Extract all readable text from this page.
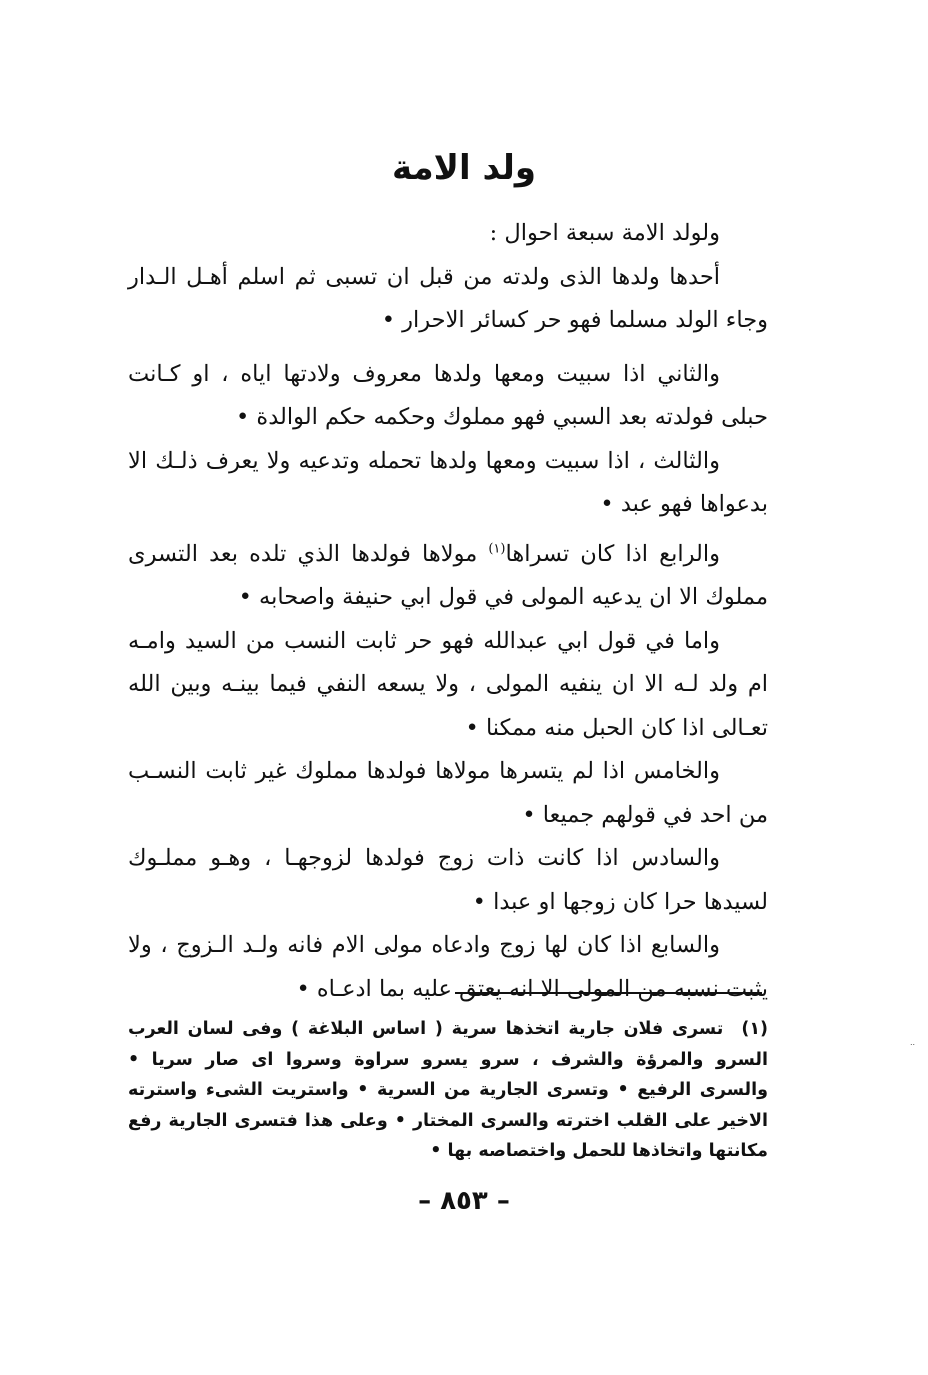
ولد الامة

ولولد الامة سبعة احوال :

أحدها ولدها الذى ولدته من قبل ان تسبى ثم اسلم أهـل الـدار وجاء الولد مسلما فهو حر كسائر الاحرار •

والثاني اذا سبيت ومعها ولدها معروف ولادتها اياه ، او كـانت حبلى فولدته بعد السبي فهو مملوك وحكمه حكم الوالدة •

والثالث ، اذا سبيت ومعها ولدها تحمله وتدعيه ولا يعرف ذلـك الا بدعواها فهو عبد •

والرابع اذا كان تسراها$^{(١)}$ مولاها فولدها الذي تلده بعد التسرى مملوك الا ان يدعيه المولى في قول ابي حنيفة واصحابه •

واما في قول ابي عبدالله فهو حر ثابت النسب من السيد وامـه ام ولد لـه الا ان ينفيه المولى ، ولا يسعه النفي فيما بينـه وبين الله تعـالى اذا كان الحبل منه ممكنا •

والخامس اذا لم يتسرها مولاها فولدها مملوك غير ثابت النسـب من احد في قولهم جميعا •

والسادس اذا كانت ذات زوج فولدها لزوجهـا ، وهـو مملـوك لسيدها حرا كان زوجها او عبدا •

والسابع اذا كان لها زوج وادعاه مولى الام فانه ولـد الـزوج ، ولا يثبت نسبه من المولى الا انه يعتق عليه بما ادعـاه •

(١)تسرى فلان جارية اتخذها سرية ( اساس البلاغة ) وفى لسان العرب السرو والمرؤة والشرف ، سرو يسرو سراوة وسروا اى صار سريا • والسرى الرفيع • وتسرى الجارية من السرية • واستريت الشىء واسترته الاخير على القلب اخترته والسرى المختار • وعلى هذا فتسرى الجارية رفع مكانتها واتخاذها للحمل واختصاصه بها •
– ٨٥٣ –
..
